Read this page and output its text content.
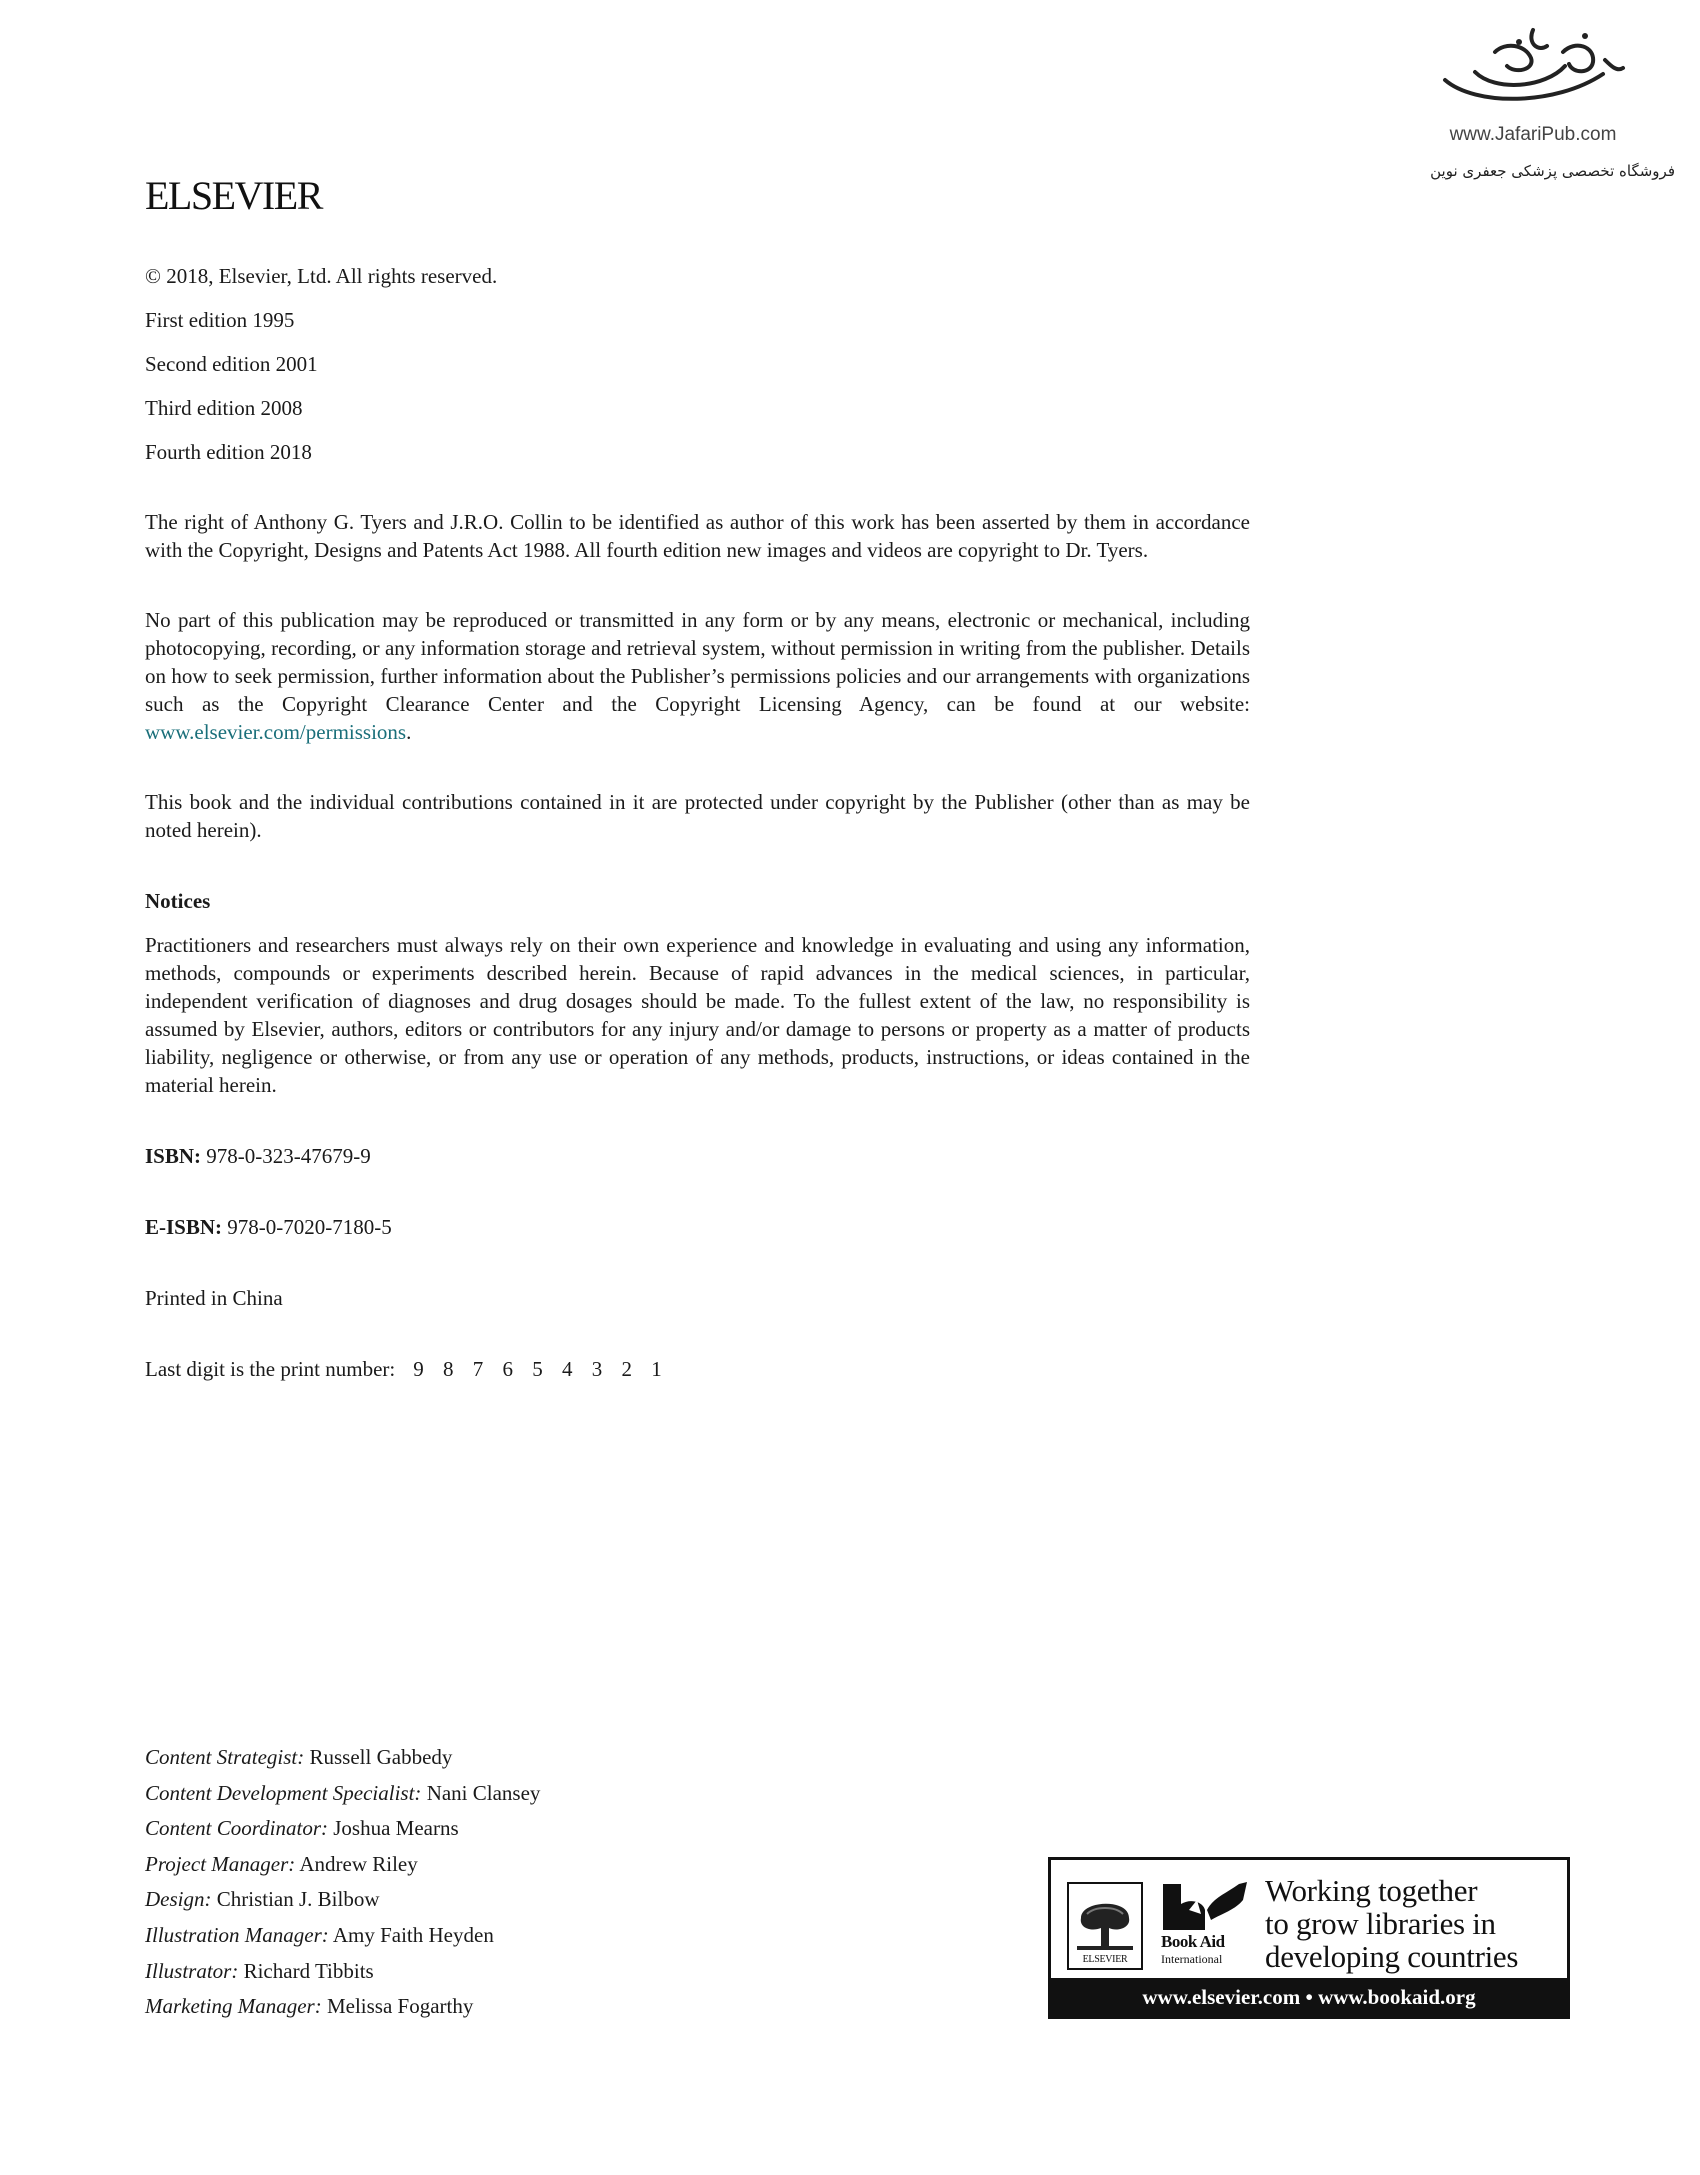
www.JafariPub.com
فروشگاه تخصصی پزشکی جعفری نوین
ELSEVIER

© 2018, Elsevier, Ltd. All rights reserved.

First edition 1995

Second edition 2001

Third edition 2008

Fourth edition 2018

The right of Anthony G. Tyers and J.R.O. Collin to be identified as author of this work has been asserted by them in accordance with the Copyright, Designs and Patents Act 1988. All fourth edition new images and videos are copyright to Dr. Tyers.

No part of this publication may be reproduced or transmitted in any form or by any means, electronic or mechanical, including photocopying, recording, or any information storage and retrieval system, without permission in writing from the publisher. Details on how to seek permission, further information about the Publisher’s permissions policies and our arrangements with organizations such as the Copyright Clearance Center and the Copyright Licensing Agency, can be found at our website: www.elsevier.com/permissions.

This book and the individual contributions contained in it are protected under copyright by the Publisher (other than as may be noted herein).

Notices

Practitioners and researchers must always rely on their own experience and knowledge in evaluating and using any information, methods, compounds or experiments described herein. Because of rapid advances in the medical sciences, in particular, independent verification of diagnoses and drug dosages should be made. To the fullest extent of the law, no responsibility is assumed by Elsevier, authors, editors or contributors for any injury and/or damage to persons or property as a matter of products liability, negligence or otherwise, or from any use or operation of any methods, products, instructions, or ideas contained in the material herein.

ISBN: 978-0-323-47679-9

E-ISBN: 978-0-7020-7180-5

Printed in China

Last digit is the print number: 9 8 7 6 5 4 3 2 1

Content Strategist: Russell Gabbedy
Content Development Specialist: Nani Clansey
Content Coordinator: Joshua Mearns
Project Manager: Andrew Riley
Design: Christian J. Bilbow
Illustration Manager: Amy Faith Heyden
Illustrator: Richard Tibbits
Marketing Manager: Melissa Fogarthy
ELSEVIER
Book Aid
International
Working together
to grow libraries in
developing countries
www.elsevier.com • www.bookaid.org
